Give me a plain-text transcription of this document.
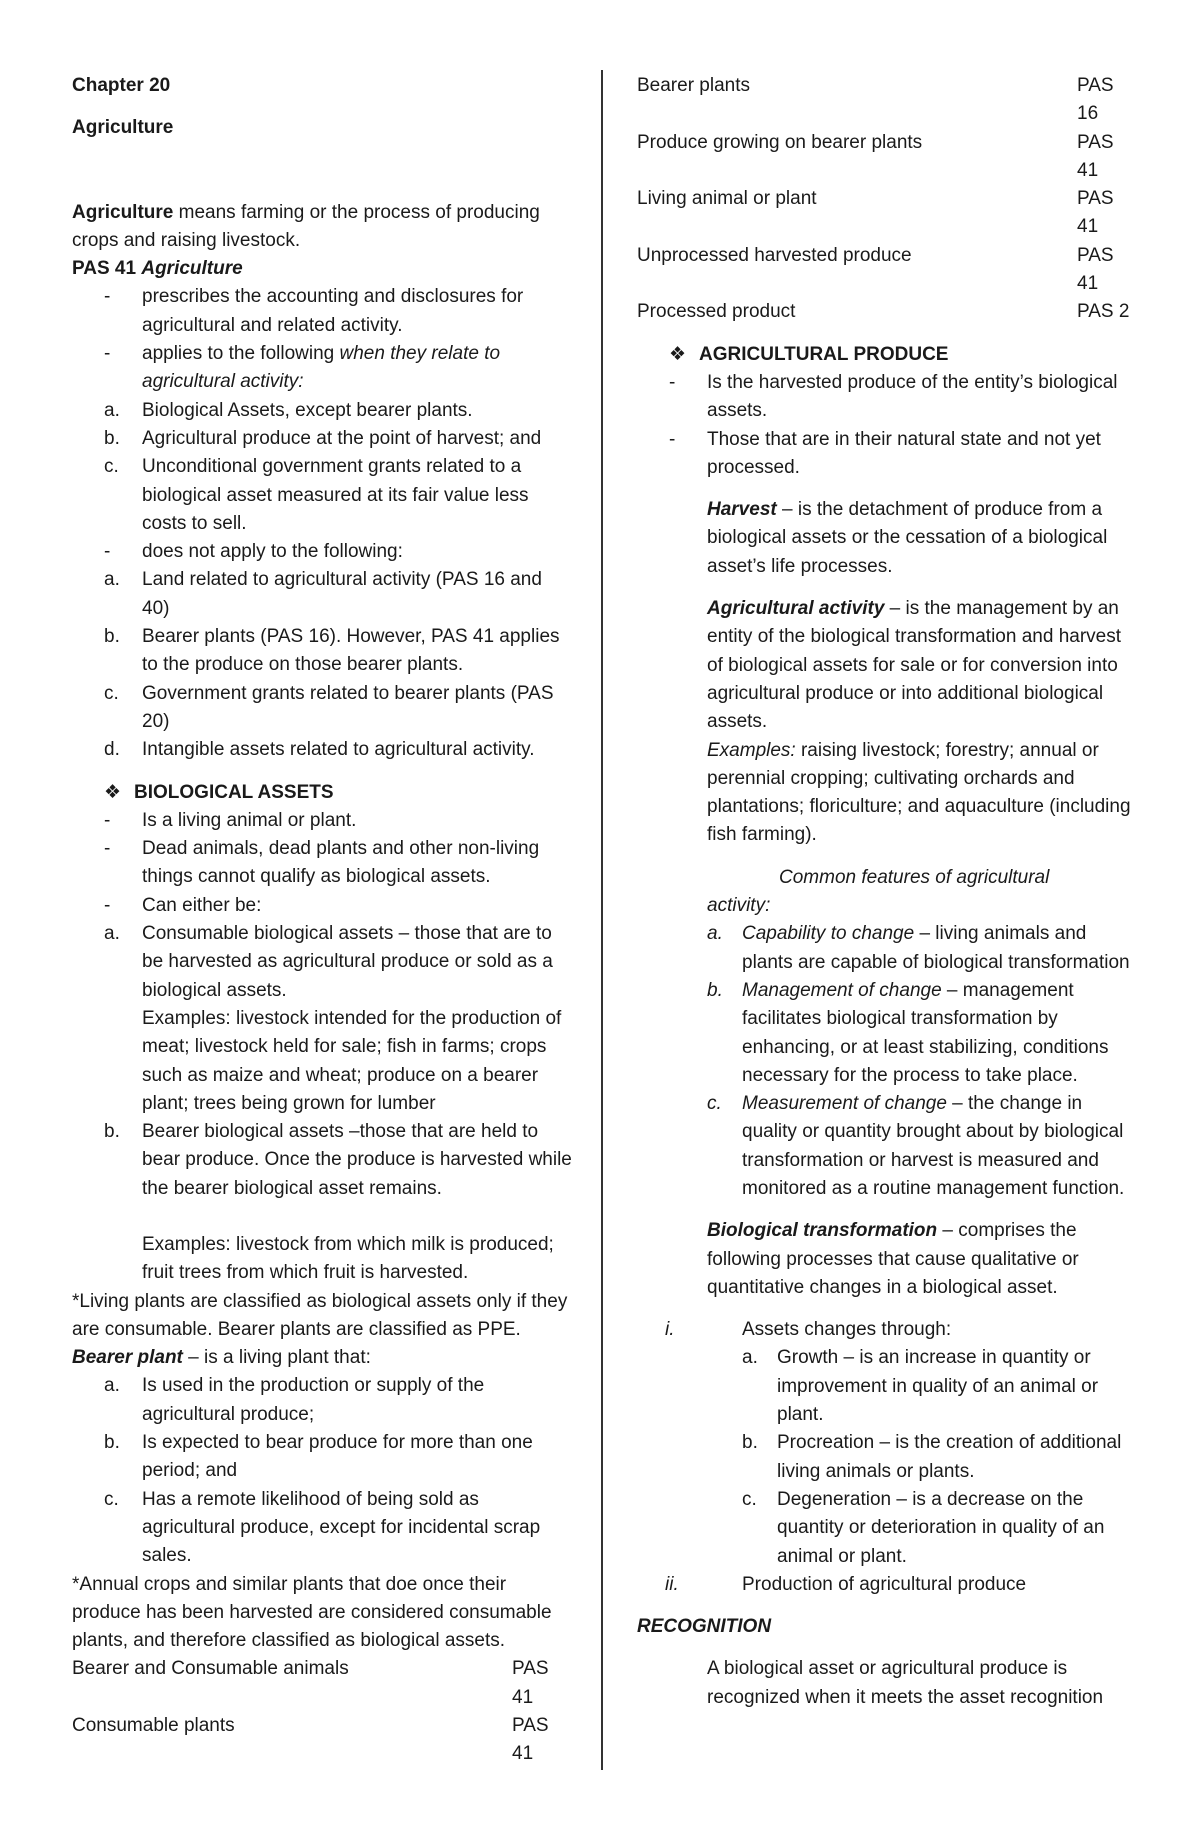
Chapter 20

Agriculture

Agriculture means farming or the process of producing crops and raising livestock.

PAS 41 Agriculture

-	prescribes the accounting and disclosures for agricultural and related activity.
-	applies to the following when they relate to agricultural activity:
a.	Biological Assets, except bearer plants.
b.	Agricultural produce at the point of harvest; and
c.	Unconditional government grants related to a biological asset measured at its fair value less costs to sell.
-	does not apply to the following:
a.	Land related to agricultural activity (PAS 16 and 40)
b.	Bearer plants (PAS 16). However, PAS 41 applies to the produce on those bearer plants.
c.	Government grants related to bearer plants (PAS 20)
d.	Intangible assets related to agricultural activity.

❖ BIOLOGICAL ASSETS

-	Is a living animal or plant.
-	Dead animals, dead plants and other non-living things cannot qualify as biological assets.
-	Can either be:
a.	Consumable biological assets – those that are to be harvested as agricultural produce or sold as a biological assets.

Examples: livestock intended for the production of meat; livestock held for sale; fish in farms; crops such as maize and wheat; produce on a bearer plant; trees being grown for lumber

b.	Bearer biological assets –those that are held to bear produce. Once the produce is harvested while the bearer biological asset remains.

Examples: livestock from which milk is produced; fruit trees from which fruit is harvested.

*Living plants are classified as biological assets only if they are consumable. Bearer plants are classified as PPE.

Bearer plant – is a living plant that:

a.	Is used in the production or supply of the agricultural produce;
b.	Is expected to bear produce for more than one period; and
c.	Has a remote likelihood of being sold as agricultural produce, except for incidental scrap sales.

*Annual crops and similar plants that doe once their produce has been harvested are considered consumable plants, and therefore classified as biological assets.

Bearer and Consumable animals	PAS 41
Consumable plants	PAS 41
Bearer plants	PAS 16
Produce growing on bearer plants	PAS 41
Living animal or plant	PAS 41
Unprocessed harvested produce	PAS 41
Processed product	PAS 2

❖ AGRICULTURAL PRODUCE

-	Is the harvested produce of the entity’s biological assets.
-	Those that are in their natural state and not yet processed.

Harvest – is the detachment of produce from a biological assets or the cessation of a biological asset’s life processes.

Agricultural activity – is the management by an entity of the biological transformation and harvest of biological assets for sale or for conversion into agricultural produce or into additional biological assets.

Examples: raising livestock; forestry; annual or perennial cropping; cultivating orchards and plantations; floriculture; and aquaculture (including fish farming).

Common features of agricultural

activity:

a.	Capability to change – living animals and plants are capable of biological transformation
b.	Management of change – management facilitates biological transformation by enhancing, or at least stabilizing, conditions necessary for the process to take place.
c.	Measurement of change – the change in quality or quantity brought about by biological transformation or harvest is measured and monitored as a routine management function.

Biological transformation – comprises the following processes that cause qualitative or quantitative changes in a biological asset.

i.	Assets changes through:
a.	Growth – is an increase in quantity or improvement in quality of an animal or plant.
b.	Procreation – is the creation of additional living animals or plants.
c.	Degeneration – is a decrease on the quantity or deterioration in quality of an animal or plant.
ii.	Production of agricultural produce

RECOGNITION

A biological asset or agricultural produce is recognized when it meets the asset recognition
